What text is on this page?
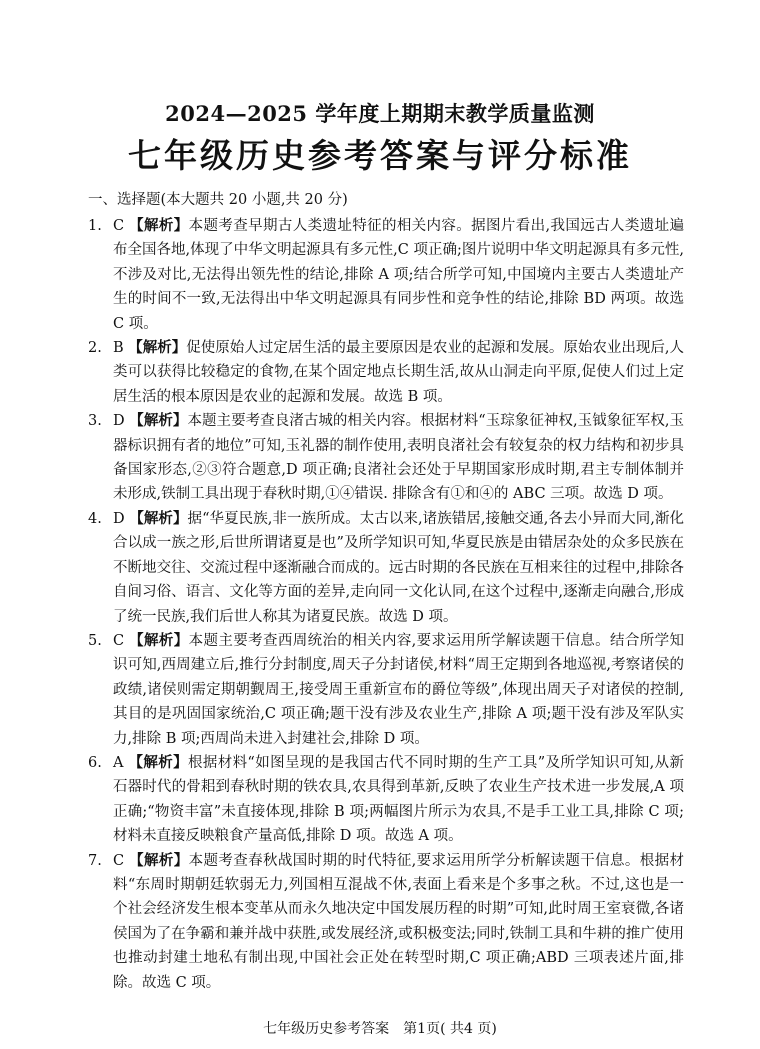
2024—2025 学年度上期期末教学质量监测
七年级历史参考答案与评分标准
一、选择题(本大题共 20 小题,共 20 分)

1. C 【解析】本题考查早期古人类遗址特征的相关内容。据图片看出,我国远古人类遗址遍布全国各地,体现了中华文明起源具有多元性,C 项正确;图片说明中华文明起源具有多元性,不涉及对比,无法得出领先性的结论,排除 A 项;结合所学可知,中国境内主要古人类遗址产生的时间不一致,无法得出中华文明起源具有同步性和竞争性的结论,排除 BD 两项。故选 C 项。

2. B 【解析】促使原始人过定居生活的最主要原因是农业的起源和发展。原始农业出现后,人类可以获得比较稳定的食物,在某个固定地点长期生活,故从山洞走向平原,促使人们过上定居生活的根本原因是农业的起源和发展。故选 B 项。

3. D 【解析】本题主要考查良渚古城的相关内容。根据材料“玉琮象征神权,玉钺象征军权,玉器标识拥有者的地位”可知,玉礼器的制作使用,表明良渚社会有较复杂的权力结构和初步具备国家形态,②③符合题意,D 项正确;良渚社会还处于早期国家形成时期,君主专制体制并未形成,铁制工具出现于春秋时期,①④错误. 排除含有①和④的 ABC 三项。故选 D 项。

4. D 【解析】据“华夏民族,非一族所成。太古以来,诸族错居,接触交通,各去小异而大同,渐化合以成一族之形,后世所谓诸夏是也”及所学知识可知,华夏民族是由错居杂处的众多民族在不断地交往、交流过程中逐渐融合而成的。远古时期的各民族在互相来往的过程中,排除各自间习俗、语言、文化等方面的差异,走向同一文化认同,在这个过程中,逐渐走向融合,形成了统一民族,我们后世人称其为诸夏民族。故选 D 项。

5. C 【解析】本题主要考查西周统治的相关内容,要求运用所学解读题干信息。结合所学知识可知,西周建立后,推行分封制度,周天子分封诸侯,材料“周王定期到各地巡视,考察诸侯的政绩,诸侯则需定期朝觐周王,接受周王重新宣布的爵位等级”,体现出周天子对诸侯的控制,其目的是巩固国家统治,C 项正确;题干没有涉及农业生产,排除 A 项;题干没有涉及军队实力,排除 B 项;西周尚未进入封建社会,排除 D 项。

6. A 【解析】根据材料“如图呈现的是我国古代不同时期的生产工具”及所学知识可知,从新石器时代的骨耜到春秋时期的铁农具,农具得到革新,反映了农业生产技术进一步发展,A 项正确;“物资丰富”未直接体现,排除 B 项;两幅图片所示为农具,不是手工业工具,排除 C 项;材料未直接反映粮食产量高低,排除 D 项。故选 A 项。

7. C 【解析】本题考查春秋战国时期的时代特征,要求运用所学分析解读题干信息。根据材料“东周时期朝廷软弱无力,列国相互混战不休,表面上看来是个多事之秋。不过,这也是一个社会经济发生根本变革从而永久地决定中国发展历程的时期”可知,此时周王室衰微,各诸侯国为了在争霸和兼并战中获胜,或发展经济,或积极变法;同时,铁制工具和牛耕的推广使用也推动封建土地私有制出现,中国社会正处在转型时期,C 项正确;ABD 三项表述片面,排除。故选 C 项。

七年级历史参考答案　第1页( 共4 页)
